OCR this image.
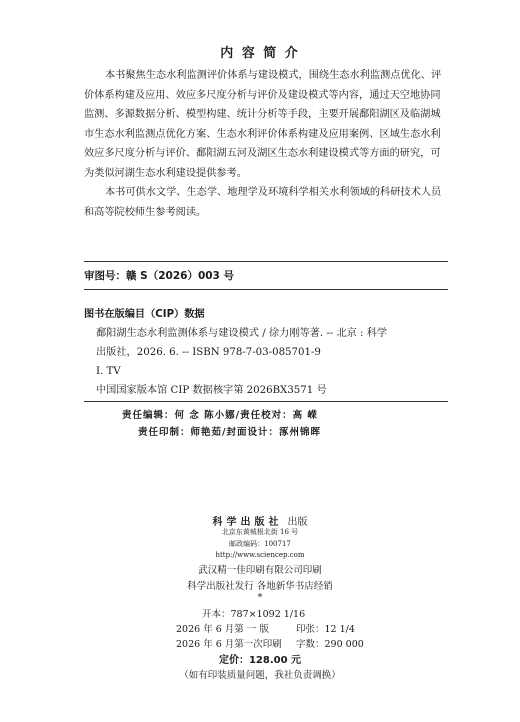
内 容 简 介

本书聚焦生态水利监测评价体系与建设模式，围绕生态水利监测点优化、评价体系构建及应用、效应多尺度分析与评价及建设模式等内容，通过天空地协同监测、多源数据分析、模型构建、统计分析等手段，主要开展鄱阳湖区及临湖城市生态水利监测点优化方案、生态水利评价体系构建及应用案例、区域生态水利效应多尺度分析与评价、鄱阳湖五河及湖区生态水利建设模式等方面的研究，可为类似河湖生态水利建设提供参考。

本书可供水文学、生态学、地理学及环境科学相关水利领域的科研技术人员和高等院校师生参考阅读。

审图号：赣 S（2026）003 号
图书在版编目（CIP）数据
鄱阳湖生态水利监测体系与建设模式 / 徐力刚等著. -- 北京 : 科学
出版社，2026. 6. -- ISBN 978-7-03-085701-9
I. TV
中国国家版本馆 CIP 数据核字第 2026BX3571 号
责任编辑：何 念 陈小娜/责任校对：高 嵘
责任印制：师艳茹/封面设计：涿州锦晖
科学出版社 出版
北京东黄城根北街 16 号
邮政编码：100717
http://www.sciencep.com
武汉精一佳印刷有限公司印刷
科学出版社发行 各地新华书店经销
*
开本：787×1092 1/16
2026 年 6 月第 一 版	印张：12 1/4
2026 年 6 月第一次印刷 字数：290 000
定价：128.00 元
（如有印装质量问题，我社负责调换）
